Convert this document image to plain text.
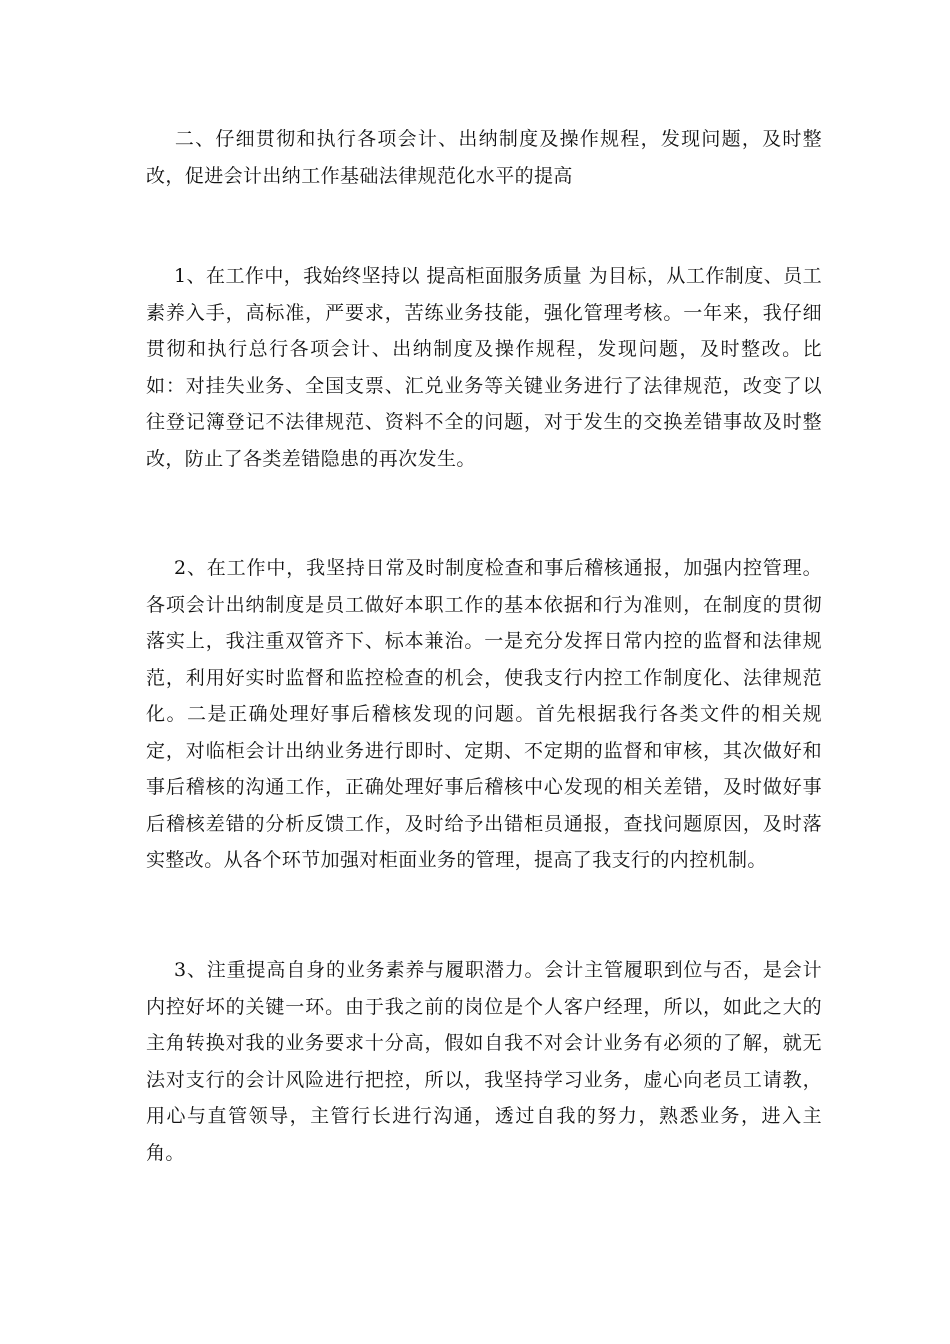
二、仔细贯彻和执行各项会计、出纳制度及操作规程，发现问题，及时整改，促进会计出纳工作基础法律规范化水平的提高

1、在工作中，我始终坚持以 提高柜面服务质量 为目标，从工作制度、员工素养入手，高标准，严要求，苦练业务技能，强化管理考核。一年来，我仔细贯彻和执行总行各项会计、出纳制度及操作规程，发现问题，及时整改。比如：对挂失业务、全国支票、汇兑业务等关键业务进行了法律规范，改变了以往登记簿登记不法律规范、资料不全的问题，对于发生的交换差错事故及时整改，防止了各类差错隐患的再次发生。

2、在工作中，我坚持日常及时制度检查和事后稽核通报，加强内控管理。各项会计出纳制度是员工做好本职工作的基本依据和行为准则，在制度的贯彻落实上，我注重双管齐下、标本兼治。一是充分发挥日常内控的监督和法律规范，利用好实时监督和监控检查的机会，使我支行内控工作制度化、法律规范化。二是正确处理好事后稽核发现的问题。首先根据我行各类文件的相关规定，对临柜会计出纳业务进行即时、定期、不定期的监督和审核，其次做好和事后稽核的沟通工作，正确处理好事后稽核中心发现的相关差错，及时做好事后稽核差错的分析反馈工作，及时给予出错柜员通报，查找问题原因，及时落实整改。从各个环节加强对柜面业务的管理，提高了我支行的内控机制。

3、注重提高自身的业务素养与履职潜力。会计主管履职到位与否，是会计内控好坏的关键一环。由于我之前的岗位是个人客户经理，所以，如此之大的主角转换对我的业务要求十分高，假如自我不对会计业务有必须的了解，就无法对支行的会计风险进行把控，所以，我坚持学习业务，虚心向老员工请教，用心与直管领导，主管行长进行沟通，透过自我的努力，熟悉业务，进入主角。
